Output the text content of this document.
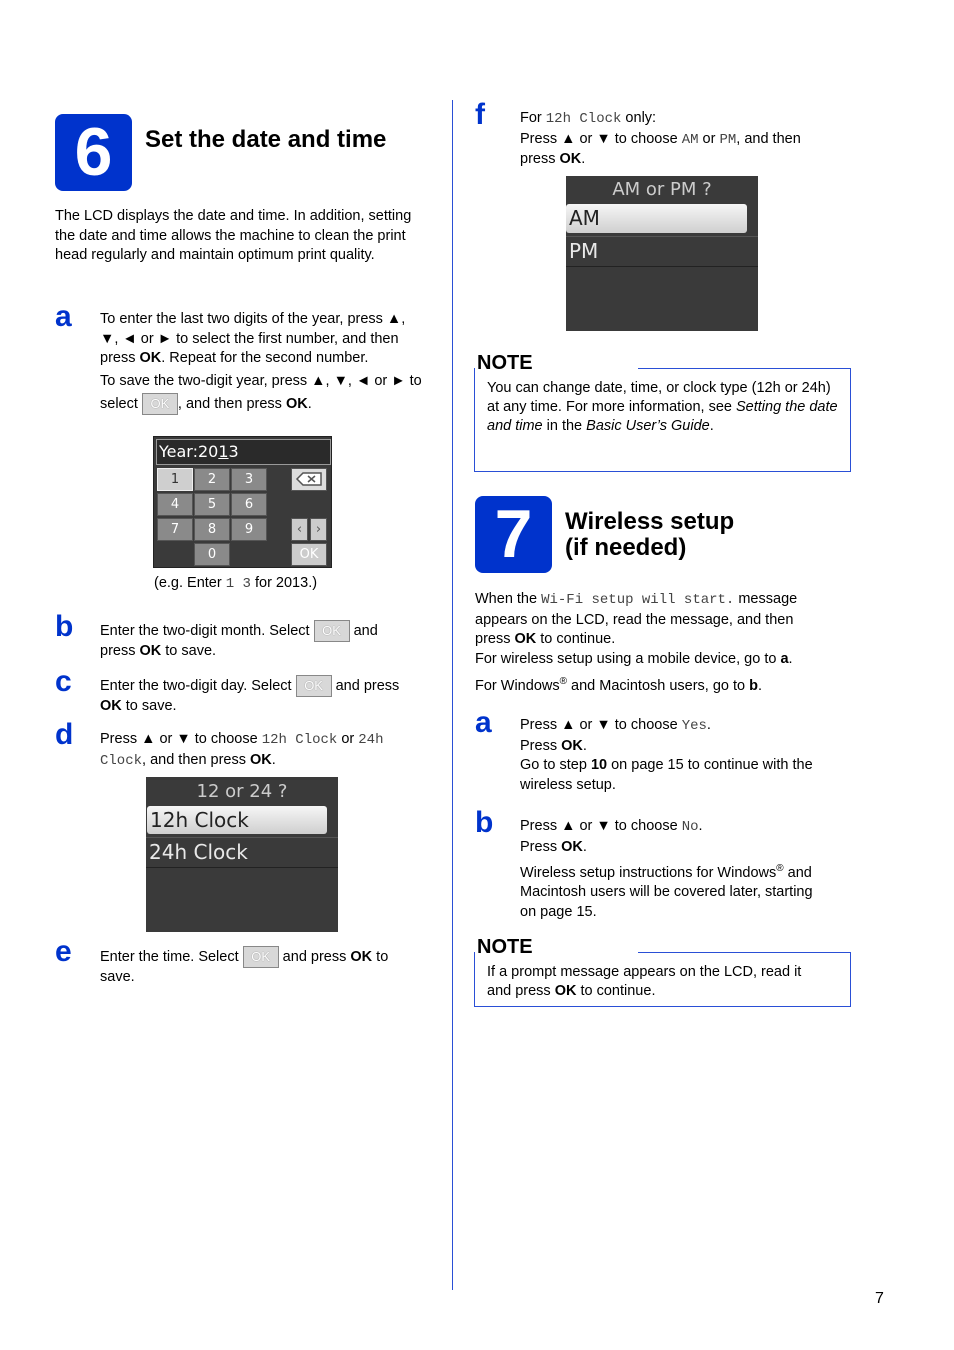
6	Set the date and time
The LCD displays the date and time. In addition, setting the date and time allows the machine to clean the print head regularly and maintain optimum print quality.
a To enter the last two digits of the year, press ▲,
▼, ◄ or ► to select the first number, and then
press OK. Repeat for the second number.
To save the two-digit year, press ▲, ▼, ◄ or ► to
select OK , and then press OK.
Year:2013
1	2	3
4	5	6
7	8	9
0
‹	›
OK
(e.g. Enter 1 3 for 2013.)
b Enter the two-digit month. Select OK and
press OK to save.
c Enter the two-digit day. Select OK and press
OK to save.
d Press ▲ or ▼ to choose 12h Clock or 24h
Clock, and then press OK.
12 or 24 ?
12h Clock
24h Clock
e Enter the time. Select OK and press OK to
save.
f For 12h Clock only:
Press ▲ or ▼ to choose AM or PM, and then
press OK.
AM or PM ?
AM
PM
NOTE
You can change date, time, or clock type (12h or 24h) at any time. For more information, see Setting the date and time in the Basic User’s Guide.
7	Wireless setup
(if needed)
When the Wi-Fi setup will start. message
appears on the LCD, read the message, and then
press OK to continue.
For wireless setup using a mobile device, go to a.
For Windows® and Macintosh users, go to b.
a Press ▲ or ▼ to choose Yes.
Press OK.
Go to step 10 on page 15 to continue with the
wireless setup.
b Press ▲ or ▼ to choose No.
Press OK.
Wireless setup instructions for Windows® and
Macintosh users will be covered later, starting
on page 15.
NOTE
If a prompt message appears on the LCD, read it
and press OK to continue.
7
